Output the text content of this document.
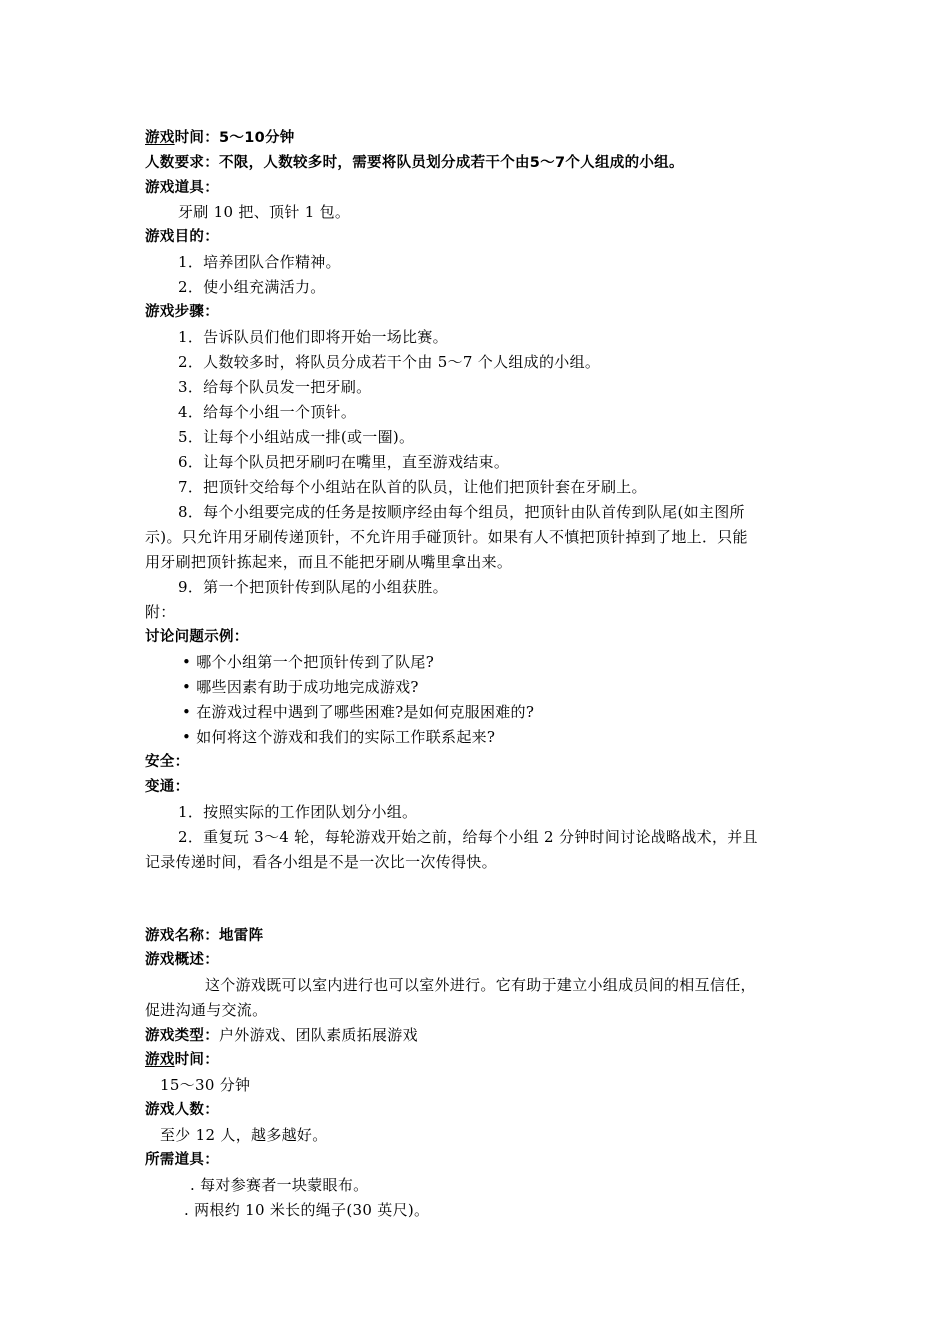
游戏时间：5～10分钟
人数要求：不限，人数较多时，需要将队员划分成若干个由5～7个人组成的小组。
游戏道具：
牙刷 10 把、顶针 1 包。
游戏目的：
1．培养团队合作精神。
2．使小组充满活力。
游戏步骤：
1．告诉队员们他们即将开始一场比赛。
2．人数较多时，将队员分成若干个由 5～7 个人组成的小组。
3．给每个队员发一把牙刷。
4．给每个小组一个顶针。
5．让每个小组站成一排(或一圈)。
6．让每个队员把牙刷叼在嘴里，直至游戏结束。
7．把顶针交给每个小组站在队首的队员，让他们把顶针套在牙刷上。
8．每个小组要完成的任务是按顺序经由每个组员，把顶针由队首传到队尾(如主图所
示)。只允许用牙刷传递顶针，不允许用手碰顶针。如果有人不慎把顶针掉到了地上．只能
用牙刷把顶针拣起来，而且不能把牙刷从嘴里拿出来。
9．第一个把顶针传到队尾的小组获胜。
附：
讨论问题示例：
• 哪个小组第一个把顶针传到了队尾?
• 哪些因素有助于成功地完成游戏?
• 在游戏过程中遇到了哪些困难?是如何克服困难的?
• 如何将这个游戏和我们的实际工作联系起来?
安全：
变通：
1．按照实际的工作团队划分小组。
2．重复玩 3～4 轮，每轮游戏开始之前，给每个小组 2 分钟时间讨论战略战术，并且
记录传递时间，看各小组是不是一次比一次传得快。
游戏名称：地雷阵
游戏概述：
这个游戏既可以室内进行也可以室外进行。它有助于建立小组成员间的相互信任，
促进沟通与交流。
游戏类型：户外游戏、团队素质拓展游戏
游戏时间：
15～30 分钟
游戏人数：
至少 12 人，越多越好。
所需道具：
. 每对参赛者一块蒙眼布。
. 两根约 10 米长的绳子(30 英尺)。
